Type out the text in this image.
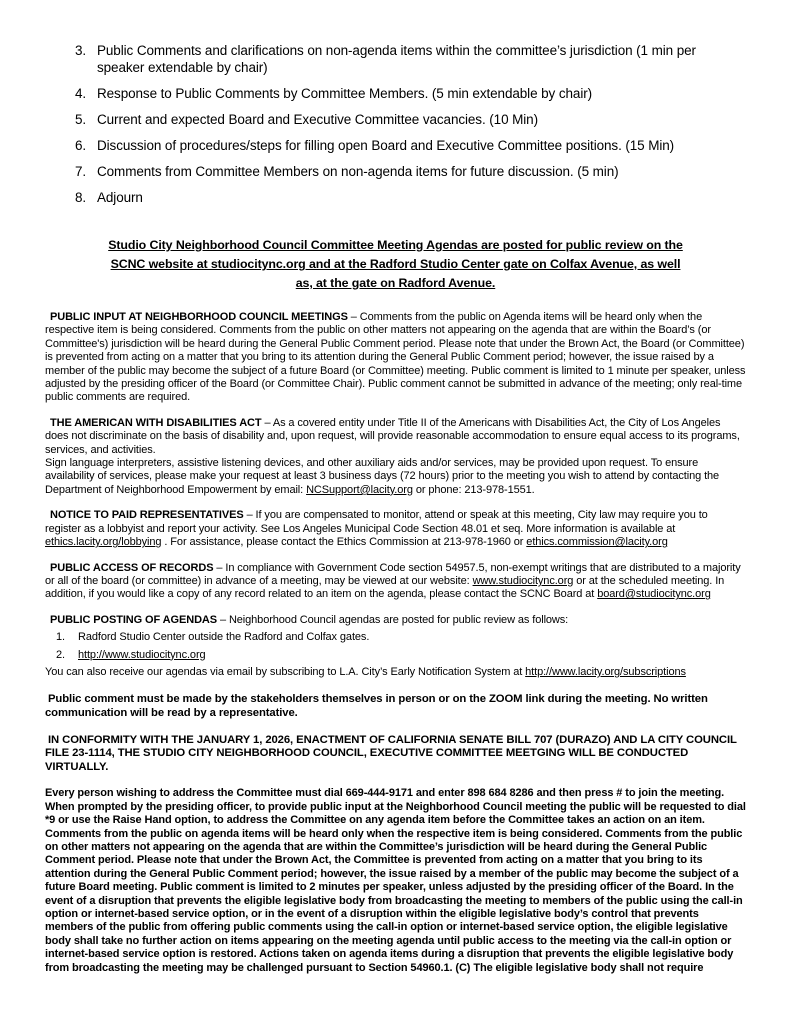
3. Public Comments and clarifications on non-agenda items within the committee’s jurisdiction (1 min per speaker extendable by chair)
4. Response to Public Comments by Committee Members. (5 min extendable by chair)
5. Current and expected Board and Executive Committee vacancies. (10 Min)
6. Discussion of procedures/steps for filling open Board and Executive Committee positions. (15 Min)
7. Comments from Committee Members on non-agenda items for future discussion. (5 min)
8. Adjourn
Studio City Neighborhood Council Committee Meeting Agendas are posted for public review on the SCNC website at studiocitync.org and at the Radford Studio Center gate on Colfax Avenue, as well as, at the gate on Radford Avenue.

PUBLIC INPUT AT NEIGHBORHOOD COUNCIL MEETINGS – Comments from the public on Agenda items will be heard only when the respective item is being considered. Comments from the public on other matters not appearing on the agenda that are within the Board’s (or Committee's) jurisdiction will be heard during the General Public Comment period. Please note that under the Brown Act, the Board (or Committee) is prevented from acting on a matter that you bring to its attention during the General Public Comment period; however, the issue raised by a member of the public may become the subject of a future Board (or Committee) meeting. Public comment is limited to 1 minute per speaker, unless adjusted by the presiding officer of the Board (or Committee Chair). Public comment cannot be submitted in advance of the meeting; only real-time public comments are required.

THE AMERICAN WITH DISABILITIES ACT – As a covered entity under Title II of the Americans with Disabilities Act, the City of Los Angeles does not discriminate on the basis of disability and, upon request, will provide reasonable accommodation to ensure equal access to its programs, services, and activities.
Sign language interpreters, assistive listening devices, and other auxiliary aids and/or services, may be provided upon request. To ensure availability of services, please make your request at least 3 business days (72 hours) prior to the meeting you wish to attend by contacting the Department of Neighborhood Empowerment by email: NCSupport@lacity.org or phone: 213-978-1551.

NOTICE TO PAID REPRESENTATIVES – If you are compensated to monitor, attend or speak at this meeting, City law may require you to register as a lobbyist and report your activity. See Los Angeles Municipal Code Section 48.01 et seq. More information is available at ethics.lacity.org/lobbying . For assistance, please contact the Ethics Commission at 213-978-1960 or ethics.commission@lacity.org

PUBLIC ACCESS OF RECORDS – In compliance with Government Code section 54957.5, non-exempt writings that are distributed to a majority or all of the board (or committee) in advance of a meeting, may be viewed at our website: www.studiocitync.org or at the scheduled meeting. In addition, if you would like a copy of any record related to an item on the agenda, please contact the SCNC Board at board@studiocitync.org

PUBLIC POSTING OF AGENDAS – Neighborhood Council agendas are posted for public review as follows:

1.	Radford Studio Center outside the Radford and Colfax gates.
2.	http://www.studiocitync.org

You can also receive our agendas via email by subscribing to L.A. City’s Early Notification System at http://www.lacity.org/subscriptions

Public comment must be made by the stakeholders themselves in person or on the ZOOM link during the meeting. No written communication will be read by a representative.

IN CONFORMITY WITH THE JANUARY 1, 2026, ENACTMENT OF CALIFORNIA SENATE BILL 707 (DURAZO) AND LA CITY COUNCIL FILE 23-1114, THE STUDIO CITY NEIGHBORHOOD COUNCIL, EXECUTIVE COMMITTEE MEETGING WILL BE CONDUCTED VIRTUALLY.

Every person wishing to address the Committee must dial 669-444-9171 and enter 898 684 8286 and then press # to join the meeting. When prompted by the presiding officer, to provide public input at the Neighborhood Council meeting the public will be requested to dial *9 or use the Raise Hand option, to address the Committee on any agenda item before the Committee takes an action on an item. Comments from the public on agenda items will be heard only when the respective item is being considered. Comments from the public on other matters not appearing on the agenda that are within the Committee’s jurisdiction will be heard during the General Public Comment period. Please note that under the Brown Act, the Committee is prevented from acting on a matter that you bring to its attention during the General Public Comment period; however, the issue raised by a member of the public may become the subject of a future Board meeting. Public comment is limited to 2 minutes per speaker, unless adjusted by the presiding officer of the Board. In the event of a disruption that prevents the eligible legislative body from broadcasting the meeting to members of the public using the call-in option or internet-based service option, or in the event of a disruption within the eligible legislative body’s control that prevents members of the public from offering public comments using the call-in option or internet-based service option, the eligible legislative body shall take no further action on items appearing on the meeting agenda until public access to the meeting via the call-in option or internet-based service option is restored. Actions taken on agenda items during a disruption that prevents the eligible legislative body from broadcasting the meeting may be challenged pursuant to Section 54960.1. (C) The eligible legislative body shall not require
